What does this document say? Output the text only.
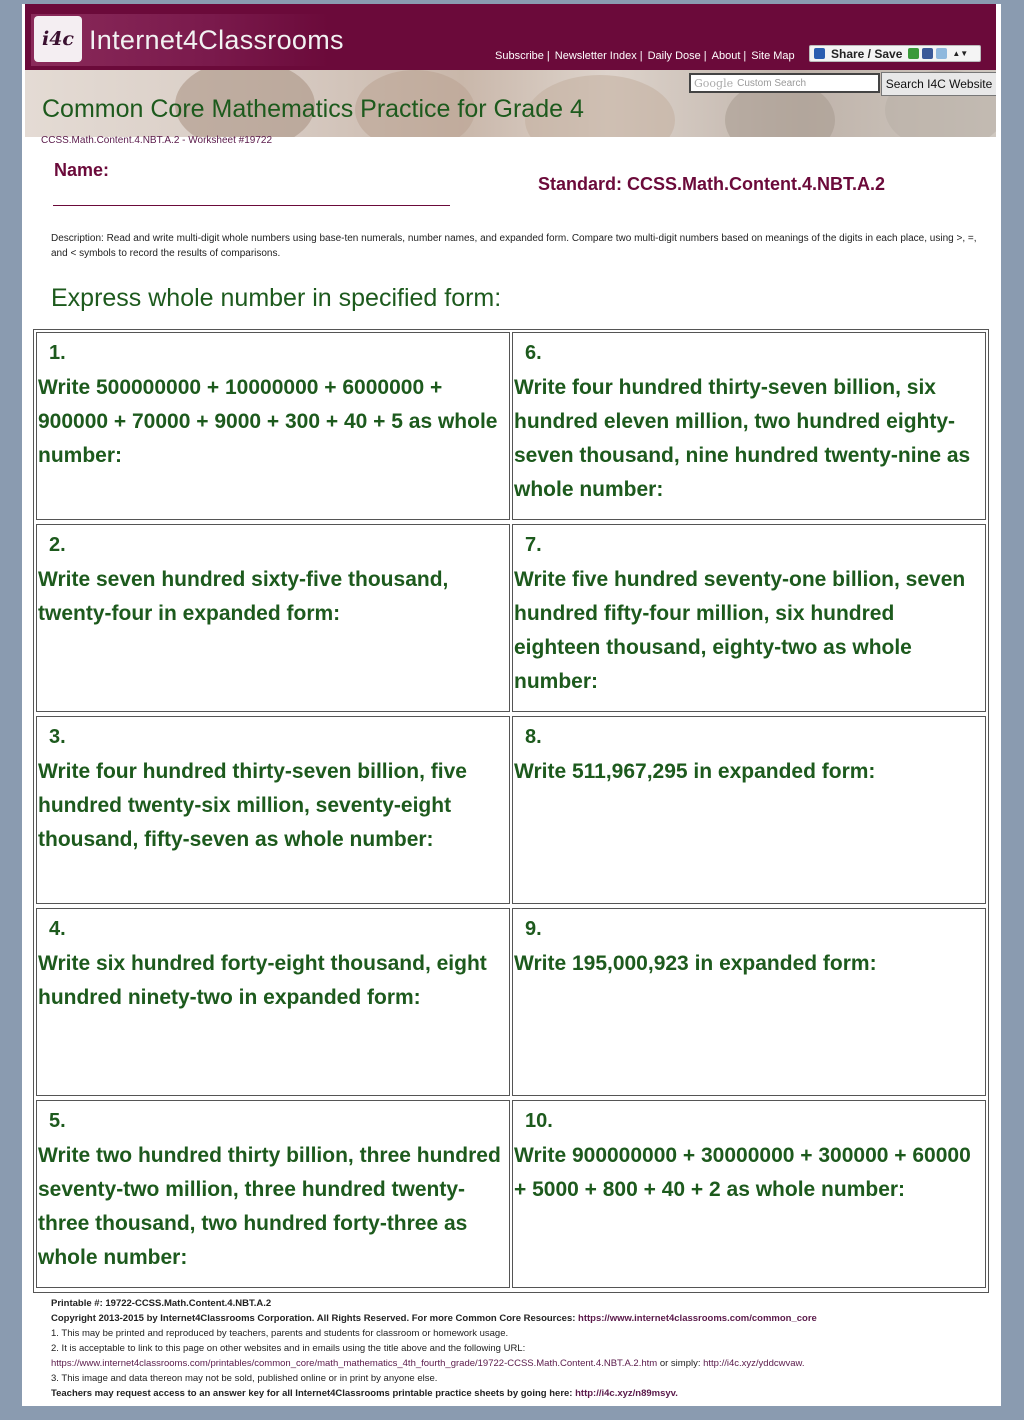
i4c Internet4Classrooms
Subscribe | Newsletter Index | Daily Dose | About | Site Map	Share / Save	▲▼
Google Custom Search	Search I4C Website
Common Core Mathematics Practice for Grade 4
CCSS.Math.Content.4.NBT.A.2 - Worksheet #19722
Name:
Standard: CCSS.Math.Content.4.NBT.A.2
Description: Read and write multi-digit whole numbers using base-ten numerals, number names, and expanded form. Compare two multi-digit numbers based on meanings of the digits in each place, using >, =, and < symbols to record the results of comparisons.
Express whole number in specified form:
1.
Write 500000000 + 10000000 + 6000000 + 900000 + 70000 + 9000 + 300 + 40 + 5 as whole number:
2.
Write seven hundred sixty-five thousand, twenty-four in expanded form:
3.
Write four hundred thirty-seven billion, five hundred twenty-six million, seventy-eight thousand, fifty-seven as whole number:
4.
Write six hundred forty-eight thousand, eight hundred ninety-two in expanded form:
5.
Write two hundred thirty billion, three hundred seventy-two million, three hundred twenty-three thousand, two hundred forty-three as whole number:
6.
Write four hundred thirty-seven billion, six hundred eleven million, two hundred eighty-seven thousand, nine hundred twenty-nine as whole number:
7.
Write five hundred seventy-one billion, seven hundred fifty-four million, six hundred eighteen thousand, eighty-two as whole number:
8.
Write 511,967,295 in expanded form:
9.
Write 195,000,923 in expanded form:
10.
Write 900000000 + 30000000 + 300000 + 60000 + 5000 + 800 + 40 + 2 as whole number:
Printable #: 19722-CCSS.Math.Content.4.NBT.A.2
Copyright 2013-2015 by Internet4Classrooms Corporation. All Rights Reserved. For more Common Core Resources: https://www.internet4classrooms.com/common_core
1. This may be printed and reproduced by teachers, parents and students for classroom or homework usage.
2. It is acceptable to link to this page on other websites and in emails using the title above and the following URL:
https://www.internet4classrooms.com/printables/common_core/math_mathematics_4th_fourth_grade/19722-CCSS.Math.Content.4.NBT.A.2.htm or simply: http://i4c.xyz/yddcwvaw.
3. This image and data thereon may not be sold, published online or in print by anyone else.
Teachers may request access to an answer key for all Internet4Classrooms printable practice sheets by going here: http://i4c.xyz/n89msyv.
